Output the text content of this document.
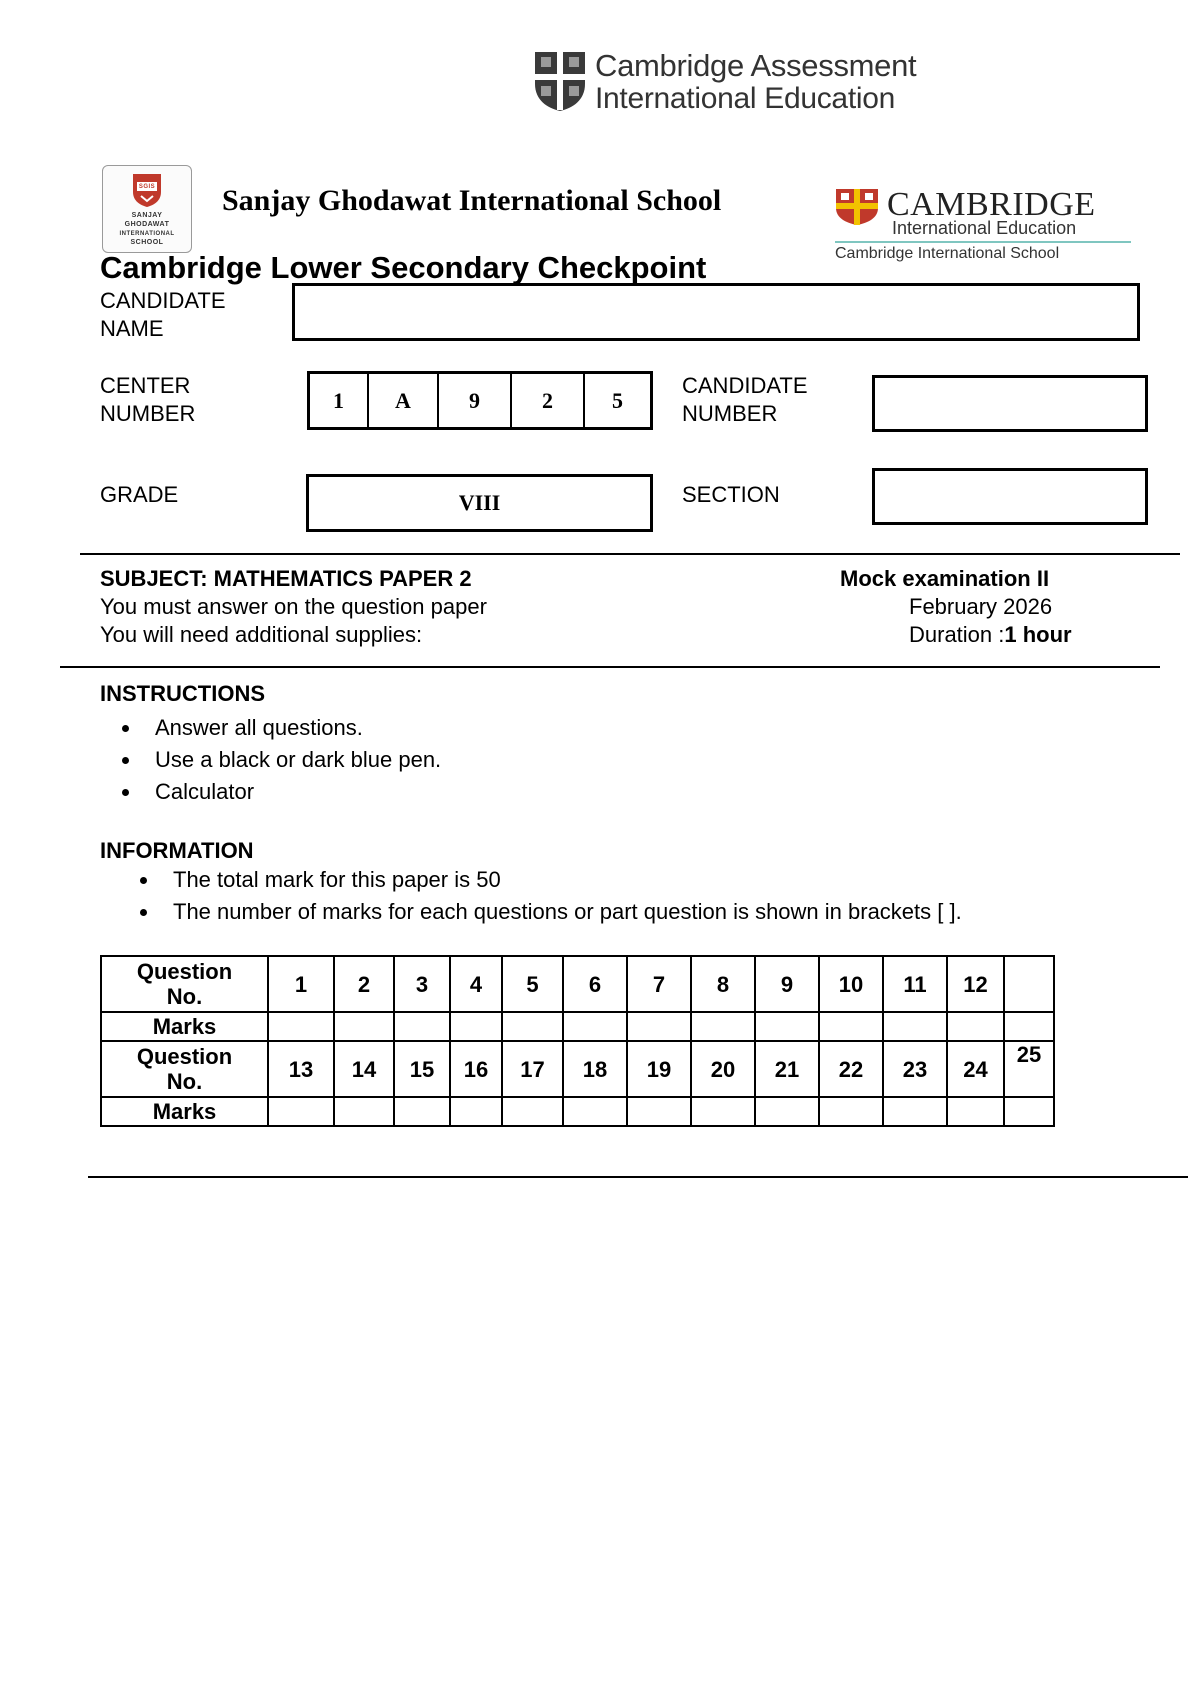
Cambridge Assessment
International Education
SGIS
SANJAY
GHODAWAT
INTERNATIONAL
SCHOOL
Sanjay Ghodawat International School	CAMBRIDGE
International Education
Cambridge International School
Cambridge Lower Secondary Checkpoint
CANDIDATE
NAME
CENTER
NUMBER
1	A	9	2	5
CANDIDATE
NUMBER
GRADE	VIII	SECTION
SUBJECT: MATHEMATICS PAPER 2
You must answer on the question paper
You will need additional supplies:
Mock examination II
February 2026
Duration :1 hour
INSTRUCTIONS
Answer all questions.
Use a black or dark blue pen.
Calculator
INFORMATION
The total mark for this paper is 50
The number of marks for each questions or part question is shown in brackets [ ].
Question
No.	1	2	3	4	5	6	7	8	9	10	11	12	
Marks													

Question
No.	13	14	15	16	17	18	19	20	21	22	23	24	25
Marks													
